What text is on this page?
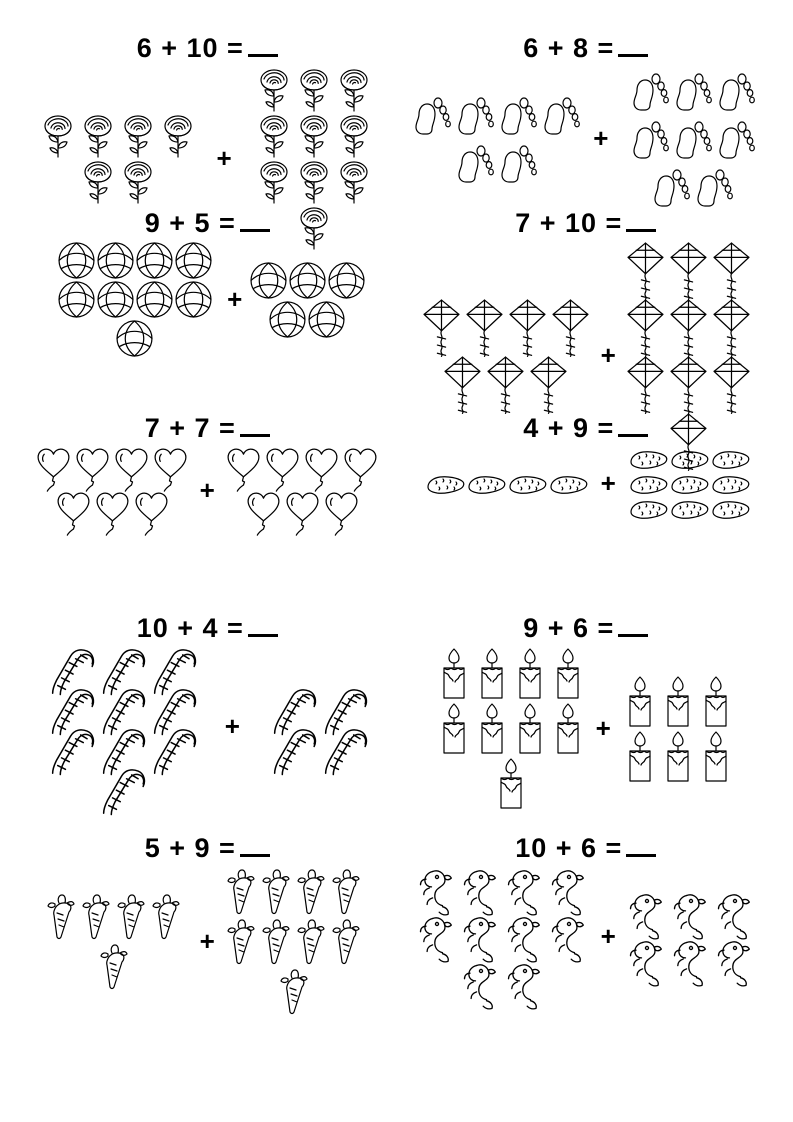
6 + 10 =
+
6 + 8 =
+
9 + 5 =
+
7 + 10 =
+
7 + 7 =
+
4 + 9 =
+
10 + 4 =
+
9 + 6 =
+
5 + 9 =
+
10 + 6 =
+
